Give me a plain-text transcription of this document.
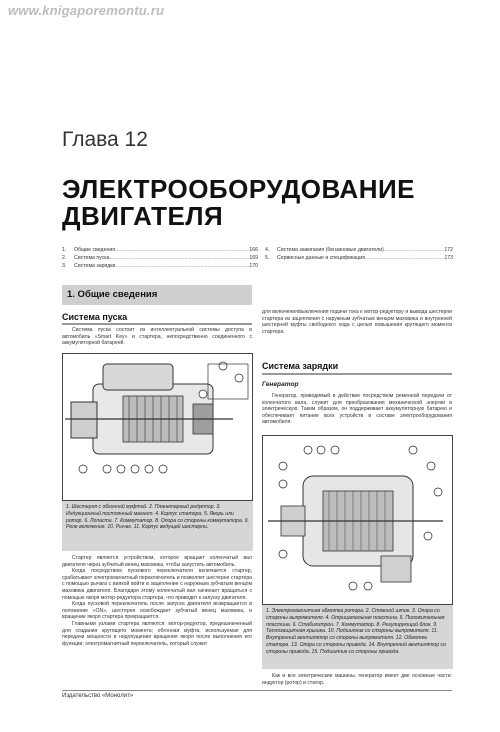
www.knigaporemontu.ru
Глава 12
ЭЛЕКТРООБОРУДОВАНИЕ ДВИГАТЕЛЯ
1.	Общие сведения .....	166
2.	Система пуска .....	169
3.	Система зарядки .....	170
4.	Система зажигания (бензиновые двигатели) .....	172
5.	Сервисные данные и спецификация .....	173
1. Общие сведения
Система пуска

Система пуска состоит из интеллектуальной системы доступа в автомобиль «Smart Key» и стартера, непосредственно соединенного с аккумуляторной батареей.

1. Шестерня с обгонной муфтой. 2. Планетарный редуктор. 3. Индукционный постоянный магнит. 4. Корпус статора. 5. Якорь или ротор. 6. Лопасти. 7. Коммутатор. 8. Опора со стороны коммутатора. 9. Реле включения. 10. Рычаг. 11. Корпус ведущей шестерни.

Стартер является устройством, которое вращает коленчатый вал двигателя через зубчатый венец маховика, чтобы запустить автомобиль.

Когда посредством пускового переключателя включается стартер, срабатывает электромагнитный переключатель и позволяет шестерне стартера с помощью рычага с вилкой войти в зацепление с наружным зубчатым венцом маховика двигателя. Благодаря этому коленчатый вал начинает вращаться с помощью якоря мотор-редуктора стартера, что приводит к запуску двигателя.

Когда пусковой переключатель после запуска двигателя возвращается в положение «ON», шестерня освобождает зубчатый венец маховика, и вращение якоря стартера прекращается.

Главными узлами стартера являются: мотор-редуктор, предназначенный для создания крутящего момента; обгонная муфта, используемая для передачи мощности и недопущения вращения якоря после выполнения его функции; электромагнитный переключатель, который служит

для включения/выключения подачи тока к мотор-редуктору и вывода шестерни стартера из зацепления с наружным зубчатым венцом маховика и внутренней шестерней муфты свободного хода с целью повышения крутящего момента стартера.

Система зарядки
Генератор

Генератор, приводимый в действие посредством ременной передачи от коленчатого вала, служит для преобразования механической энергии в электрическую. Таким образом, он поддерживает аккумуляторную батарею и обеспечивает питание всех устройств в составе электрооборудования автомобиля.

1. Электромагнитная обмотка ротора. 2. Стяжной шток. 3. Опора со стороны выпрямителя. 4. Отрицательная пластина. 5. Положительная пластина. 6. Стабилитрон. 7. Коммутатор. 8. Регулирующий блок. 9. Теплозащитная крышка. 10. Подшипник со стороны выпрямителя. 11. Внутренний вентилятор со стороны выпрямителя. 12. Обмотка статора. 13. Опора со стороны привода. 14. Внутренний вентилятор со стороны привода. 15. Подшипник со стороны привода.

Как и все электрические машины, генератор имеет две основные части: индуктор (ротор) и статор.

Издательство «Монолит»
